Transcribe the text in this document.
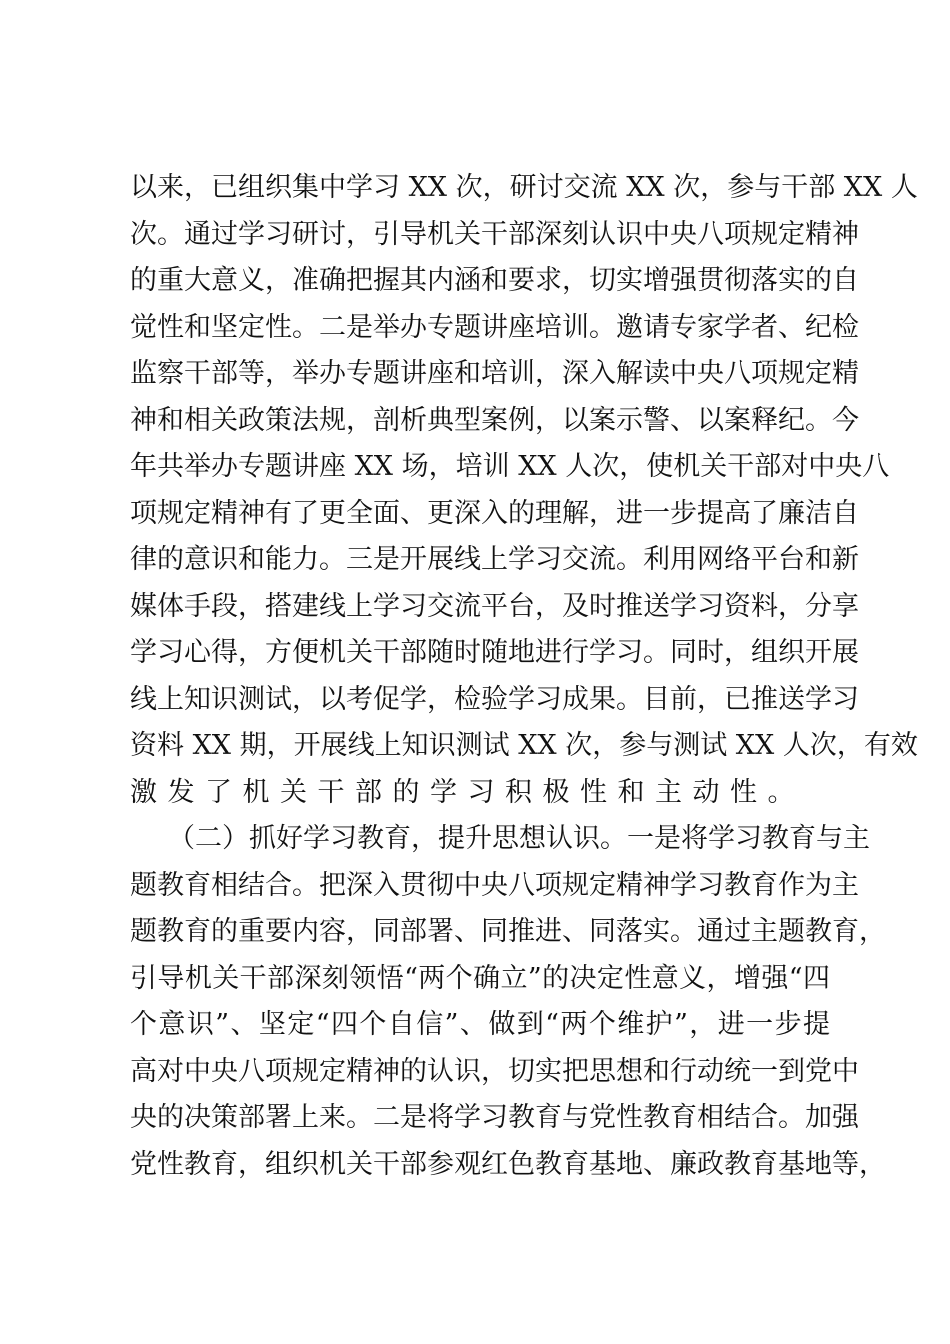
以来，已组织集中学习 XX 次，研讨交流 XX 次，参与干部 XX 人
次。通过学习研讨，引导机关干部深刻认识中央八项规定精神
的重大意义，准确把握其内涵和要求，切实增强贯彻落实的自
觉性和坚定性。二是举办专题讲座培训。邀请专家学者、纪检
监察干部等，举办专题讲座和培训，深入解读中央八项规定精
神和相关政策法规，剖析典型案例，以案示警、以案释纪。今
年共举办专题讲座 XX 场，培训 XX 人次，使机关干部对中央八
项规定精神有了更全面、更深入的理解，进一步提高了廉洁自
律的意识和能力。三是开展线上学习交流。利用网络平台和新
媒体手段，搭建线上学习交流平台，及时推送学习资料，分享
学习心得，方便机关干部随时随地进行学习。同时，组织开展
线上知识测试，以考促学，检验学习成果。目前，已推送学习
资料 XX 期，开展线上知识测试 XX 次，参与测试 XX 人次，有效
激发了机关干部的学习积极性和主动性。
（二）抓好学习教育，提升思想认识。一是将学习教育与主
题教育相结合。把深入贯彻中央八项规定精神学习教育作为主
题教育的重要内容，同部署、同推进、同落实。通过主题教育，
引导机关干部深刻领悟“两个确立”的决定性意义，增强“四
个意识”、坚定“四个自信”、做到“两个维护”，进一步提
高对中央八项规定精神的认识，切实把思想和行动统一到党中
央的决策部署上来。二是将学习教育与党性教育相结合。加强
党性教育，组织机关干部参观红色教育基地、廉政教育基地等，
